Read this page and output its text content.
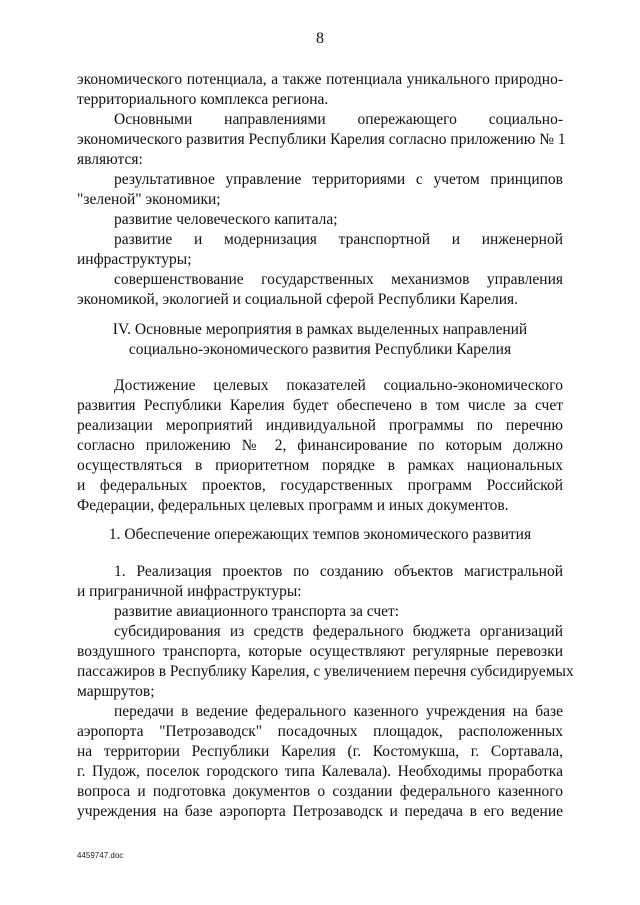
8
экономического потенциала, а также потенциала уникального природно-
территориального комплекса региона.
Основными направлениями опережающего социально-
экономического развития Республики Карелия согласно приложению № 1
являются:
результативное управление территориями с учетом принципов
"зеленой" экономики;
развитие человеческого капитала;
развитие и модернизация транспортной и инженерной
инфраструктуры;
совершенствование государственных механизмов управления
экономикой, экологией и социальной сферой Республики Карелия.
IV. Основные мероприятия в рамках выделенных направлений
социально-экономического развития Республики Карелия
Достижение целевых показателей социально-экономического
развития Республики Карелия будет обеспечено в том числе за счет
реализации мероприятий индивидуальной программы по перечню
согласно приложению № 2, финансирование по которым должно
осуществляться в приоритетном порядке в рамках национальных
и федеральных проектов, государственных программ Российской
Федерации, федеральных целевых программ и иных документов.
1. Обеспечение опережающих темпов экономического развития
1. Реализация проектов по созданию объектов магистральной
и приграничной инфраструктуры:
развитие авиационного транспорта за счет:
субсидирования из средств федерального бюджета организаций
воздушного транспорта, которые осуществляют регулярные перевозки
пассажиров в Республику Карелия, с увеличением перечня субсидируемых
маршрутов;
передачи в ведение федерального казенного учреждения на базе
аэропорта "Петрозаводск" посадочных площадок, расположенных
на территории Республики Карелия (г. Костомукша, г. Сортавала,
г. Пудож, поселок городского типа Калевала). Необходимы проработка
вопроса и подготовка документов о создании федерального казенного
учреждения на базе аэропорта Петрозаводск и передача в его ведение
4459747.doc
